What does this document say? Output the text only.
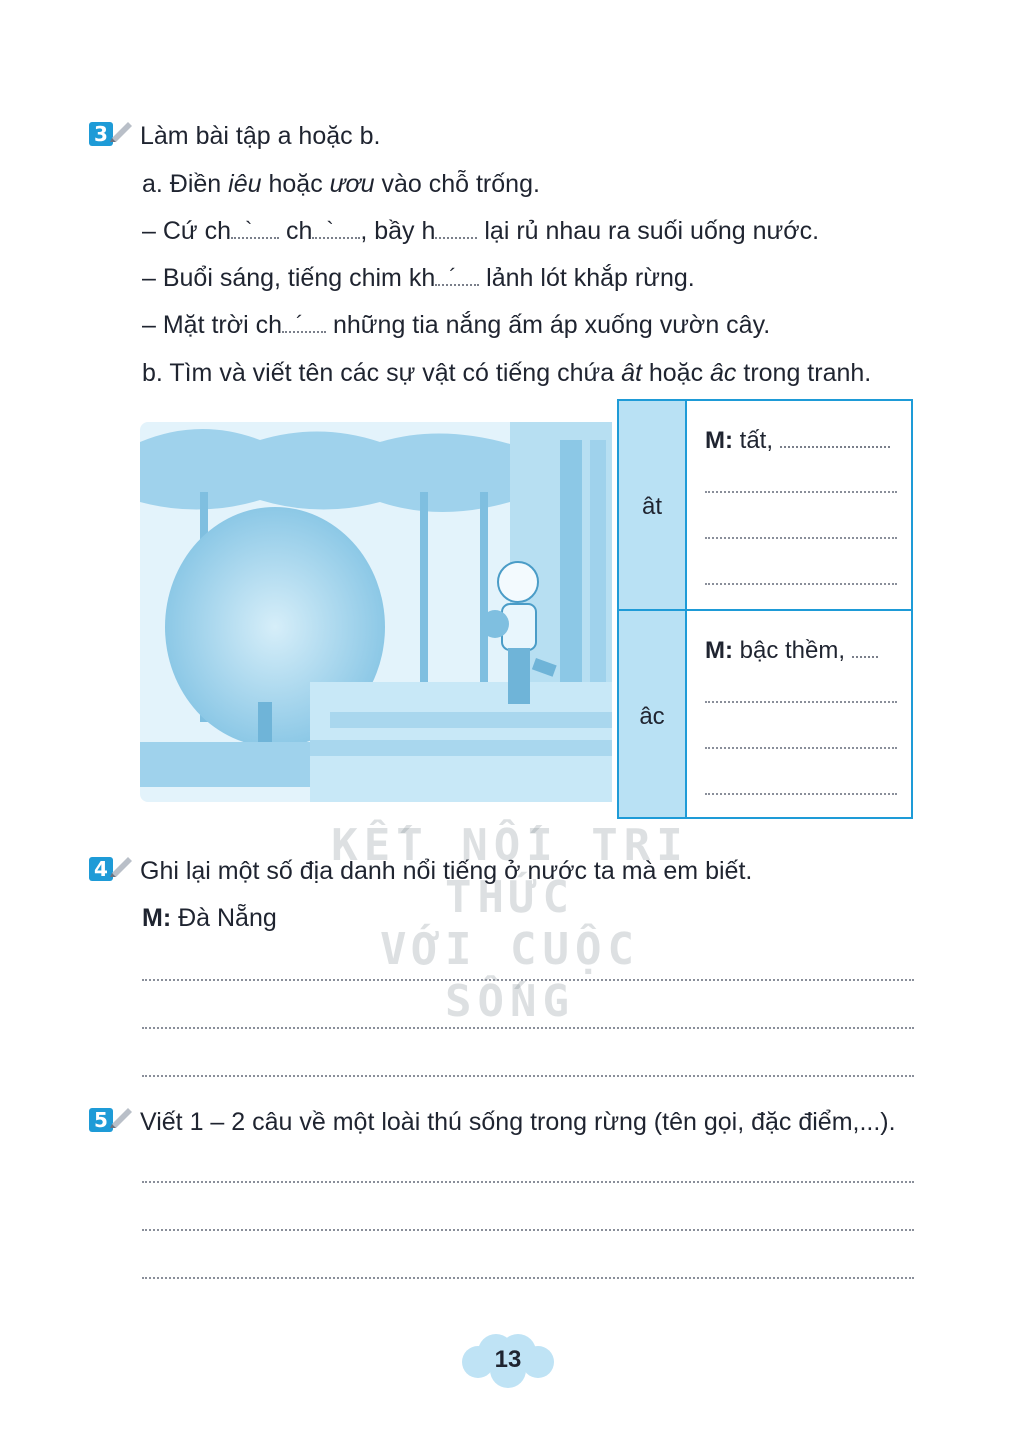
3 Làm bài tập a hoặc b.
a. Điền iêu hoặc ươu vào chỗ trống.
– Cứ ch ` ch ` , bầy h lại rủ nhau ra suối uống nước.
– Buổi sáng, tiếng chim kh ´ lảnh lót khắp rừng.
– Mặt trời ch ´ những tia nắng ấm áp xuống vườn cây.
b. Tìm và viết tên các sự vật có tiếng chứa ât hoặc âc trong tranh.
ât
M: tất,
âc
M: bậc thềm,
KẾT NỐI TRI THỨC
VỚI CUỘC SỐNG
4 Ghi lại một số địa danh nổi tiếng ở nước ta mà em biết.
M: Đà Nẵng
5 Viết 1 – 2 câu về một loài thú sống trong rừng (tên gọi, đặc điểm,...).
13
